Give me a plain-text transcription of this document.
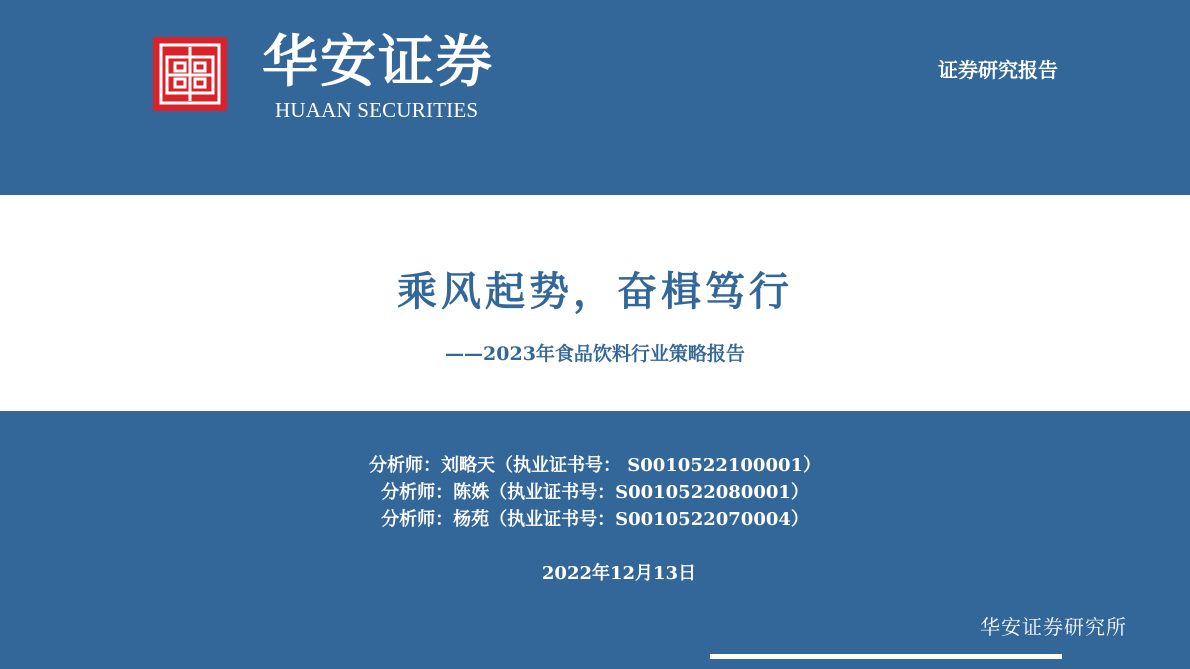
华安证券
HUAAN SECURITIES
证券研究报告
乘风起势，奋楫笃行
——2023年食品饮料行业策略报告
分析师：刘略天（执业证书号： S0010522100001）
分析师：陈姝（执业证书号：S0010522080001）
分析师：杨苑（执业证书号：S0010522070004）
2022年12月13日
华安证券研究所
